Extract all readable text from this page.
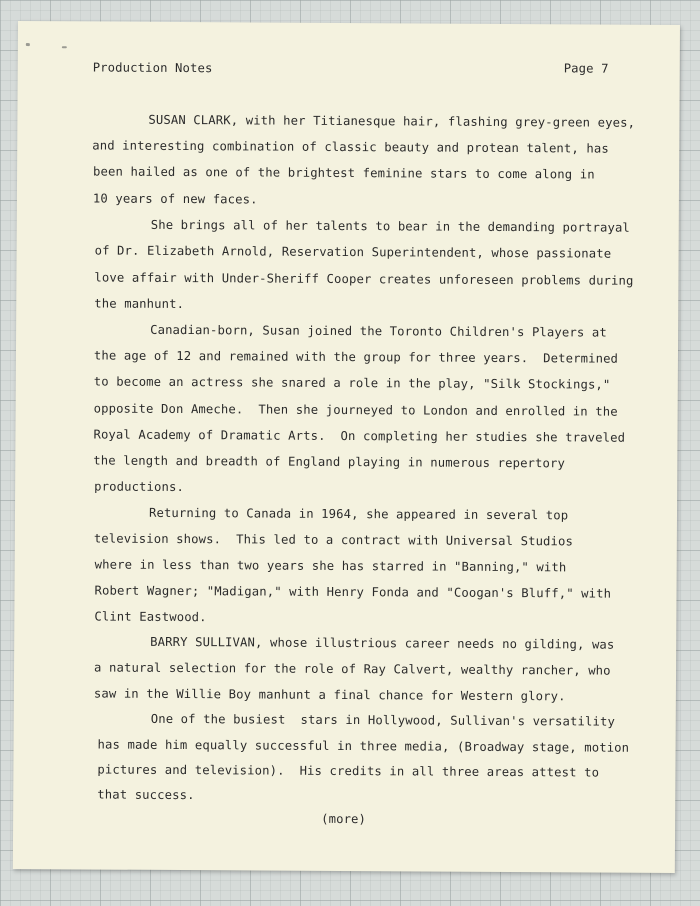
Production Notes	Page 7
SUSAN CLARK, with her Titianesque hair, flashing grey-green eyes,
and interesting combination of classic beauty and protean talent, has
been hailed as one of the brightest feminine stars to come along in
10 years of new faces.
She brings all of her talents to bear in the demanding portrayal
of Dr. Elizabeth Arnold, Reservation Superintendent, whose passionate
love affair with Under-Sheriff Cooper creates unforeseen problems during
the manhunt.
Canadian-born, Susan joined the Toronto Children's Players at
the age of 12 and remained with the group for three years.  Determined
to become an actress she snared a role in the play, "Silk Stockings,"
opposite Don Ameche.  Then she journeyed to London and enrolled in the
Royal Academy of Dramatic Arts.  On completing her studies she traveled
the length and breadth of England playing in numerous repertory
productions.
Returning to Canada in 1964, she appeared in several top
television shows.  This led to a contract with Universal Studios
where in less than two years she has starred in "Banning," with
Robert Wagner; "Madigan," with Henry Fonda and "Coogan's Bluff," with
Clint Eastwood.
BARRY SULLIVAN, whose illustrious career needs no gilding, was
a natural selection for the role of Ray Calvert, wealthy rancher, who
saw in the Willie Boy manhunt a final chance for Western glory.
One of the busiest  stars in Hollywood, Sullivan's versatility
has made him equally successful in three media, (Broadway stage, motion
pictures and television).  His credits in all three areas attest to
that success.
(more)
